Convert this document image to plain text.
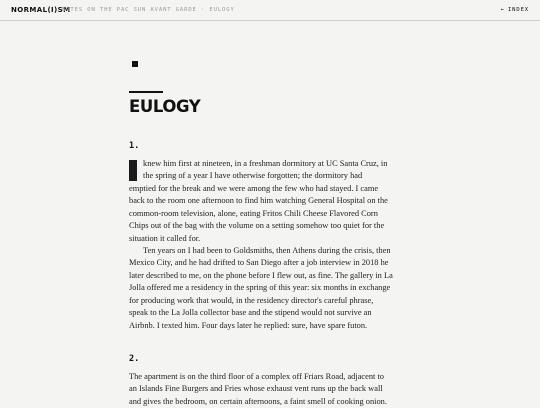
NORMAL(I)SM
NOTES ON THE PAC SUN AVANT GARDE · EULOGY	← INDEX
EULOGY
1.

knew him first at nineteen, in a freshman dormitory at UC Santa Cruz, in
the spring of a year I have otherwise forgotten; the dormitory had
emptied for the break and we were among the few who had stayed. I came
back to the room one afternoon to find him watching General Hospital on the
common-room television, alone, eating Fritos Chili Cheese Flavored Corn
Chips out of the bag with the volume on a setting somehow too quiet for the
situation it called for.

Ten years on I had been to Goldsmiths, then Athens during the crisis, then
Mexico City, and he had drifted to San Diego after a job interview in 2018 he
later described to me, on the phone before I flew out, as fine. The gallery in La
Jolla offered me a residency in the spring of this year: six months in exchange
for producing work that would, in the residency director's careful phrase,
speak to the La Jolla collector base and the stipend would not survive an
Airbnb. I texted him. Four days later he replied: sure, have spare futon.

2.

The apartment is on the third floor of a complex off Friars Road, adjacent to
an Islands Fine Burgers and Fries whose exhaust vent runs up the back wall
and gives the bedroom, on certain afternoons, a faint smell of cooking onion.
